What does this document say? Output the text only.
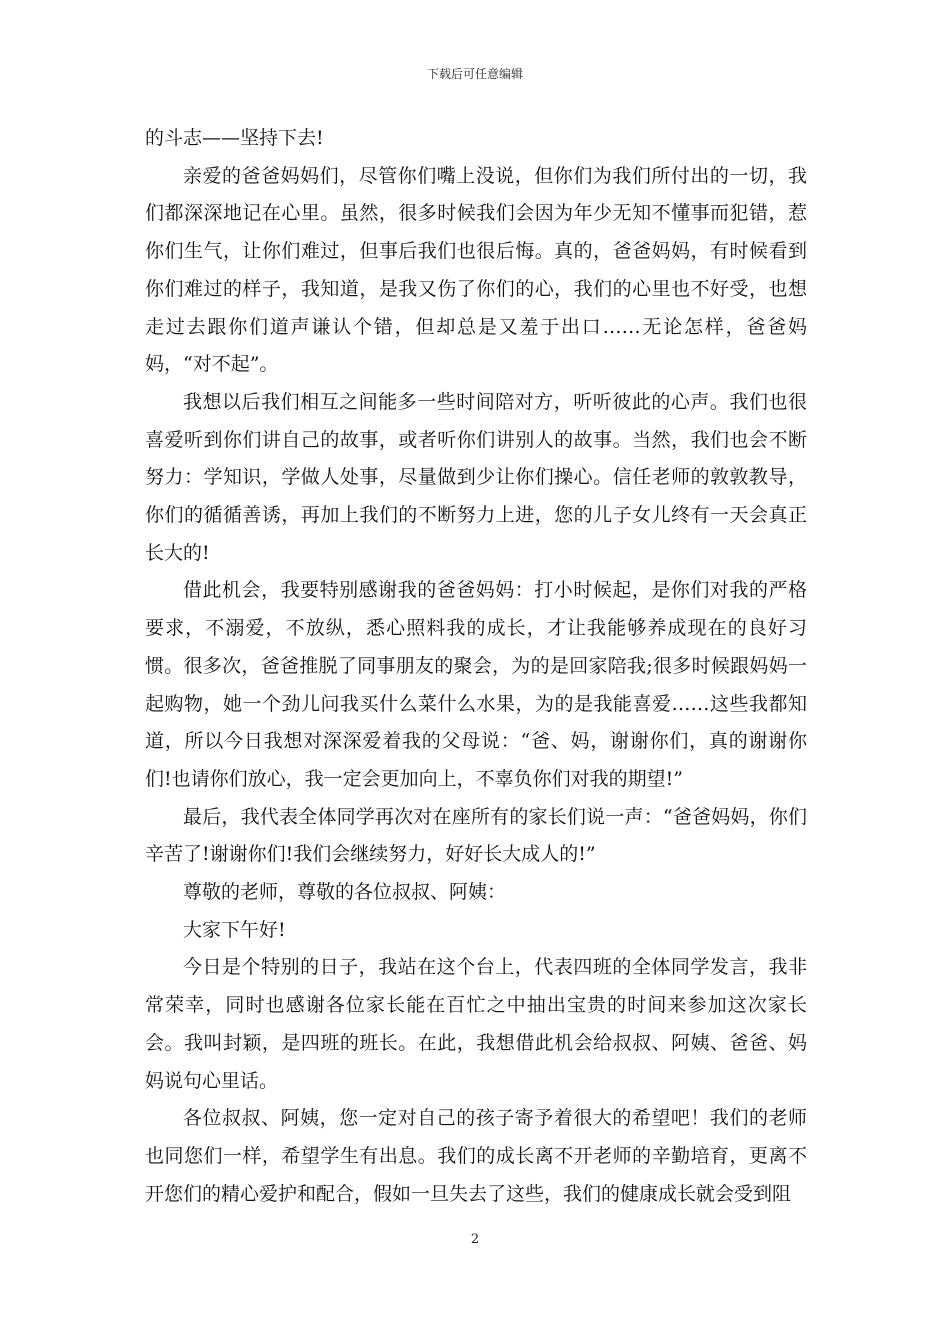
下载后可任意编辑

的斗志——坚持下去!

亲爱的爸爸妈妈们，尽管你们嘴上没说，但你们为我们所付出的一切，我们都深深地记在心里。虽然，很多时候我们会因为年少无知不懂事而犯错，惹你们生气，让你们难过，但事后我们也很后悔。真的，爸爸妈妈，有时候看到你们难过的样子，我知道，是我又伤了你们的心，我们的心里也不好受，也想走过去跟你们道声谦认个错，但却总是又羞于出口……无论怎样，爸爸妈妈，“对不起”。

我想以后我们相互之间能多一些时间陪对方，听听彼此的心声。我们也很喜爱听到你们讲自己的故事，或者听你们讲别人的故事。当然，我们也会不断努力：学知识，学做人处事，尽量做到少让你们操心。信任老师的敦敦教导，你们的循循善诱，再加上我们的不断努力上进，您的儿子女儿终有一天会真正长大的!

借此机会，我要特别感谢我的爸爸妈妈：打小时候起，是你们对我的严格要求，不溺爱，不放纵，悉心照料我的成长，才让我能够养成现在的良好习惯。很多次，爸爸推脱了同事朋友的聚会，为的是回家陪我;很多时候跟妈妈一起购物，她一个劲儿问我买什么菜什么水果，为的是我能喜爱……这些我都知道，所以今日我想对深深爱着我的父母说：“爸、妈，谢谢你们，真的谢谢你们!也请你们放心，我一定会更加向上，不辜负你们对我的期望!”

最后，我代表全体同学再次对在座所有的家长们说一声：“爸爸妈妈，你们辛苦了!谢谢你们!我们会继续努力，好好长大成人的!”

尊敬的老师，尊敬的各位叔叔、阿姨：

大家下午好!

今日是个特别的日子，我站在这个台上，代表四班的全体同学发言，我非常荣幸，同时也感谢各位家长能在百忙之中抽出宝贵的时间来参加这次家长会。我叫封颖，是四班的班长。在此，我想借此机会给叔叔、阿姨、爸爸、妈妈说句心里话。

各位叔叔、阿姨，您一定对自己的孩子寄予着很大的希望吧！我们的老师也同您们一样，希望学生有出息。我们的成长离不开老师的辛勤培育，更离不开您们的精心爱护和配合，假如一旦失去了这些，我们的健康成长就会受到阻

2
